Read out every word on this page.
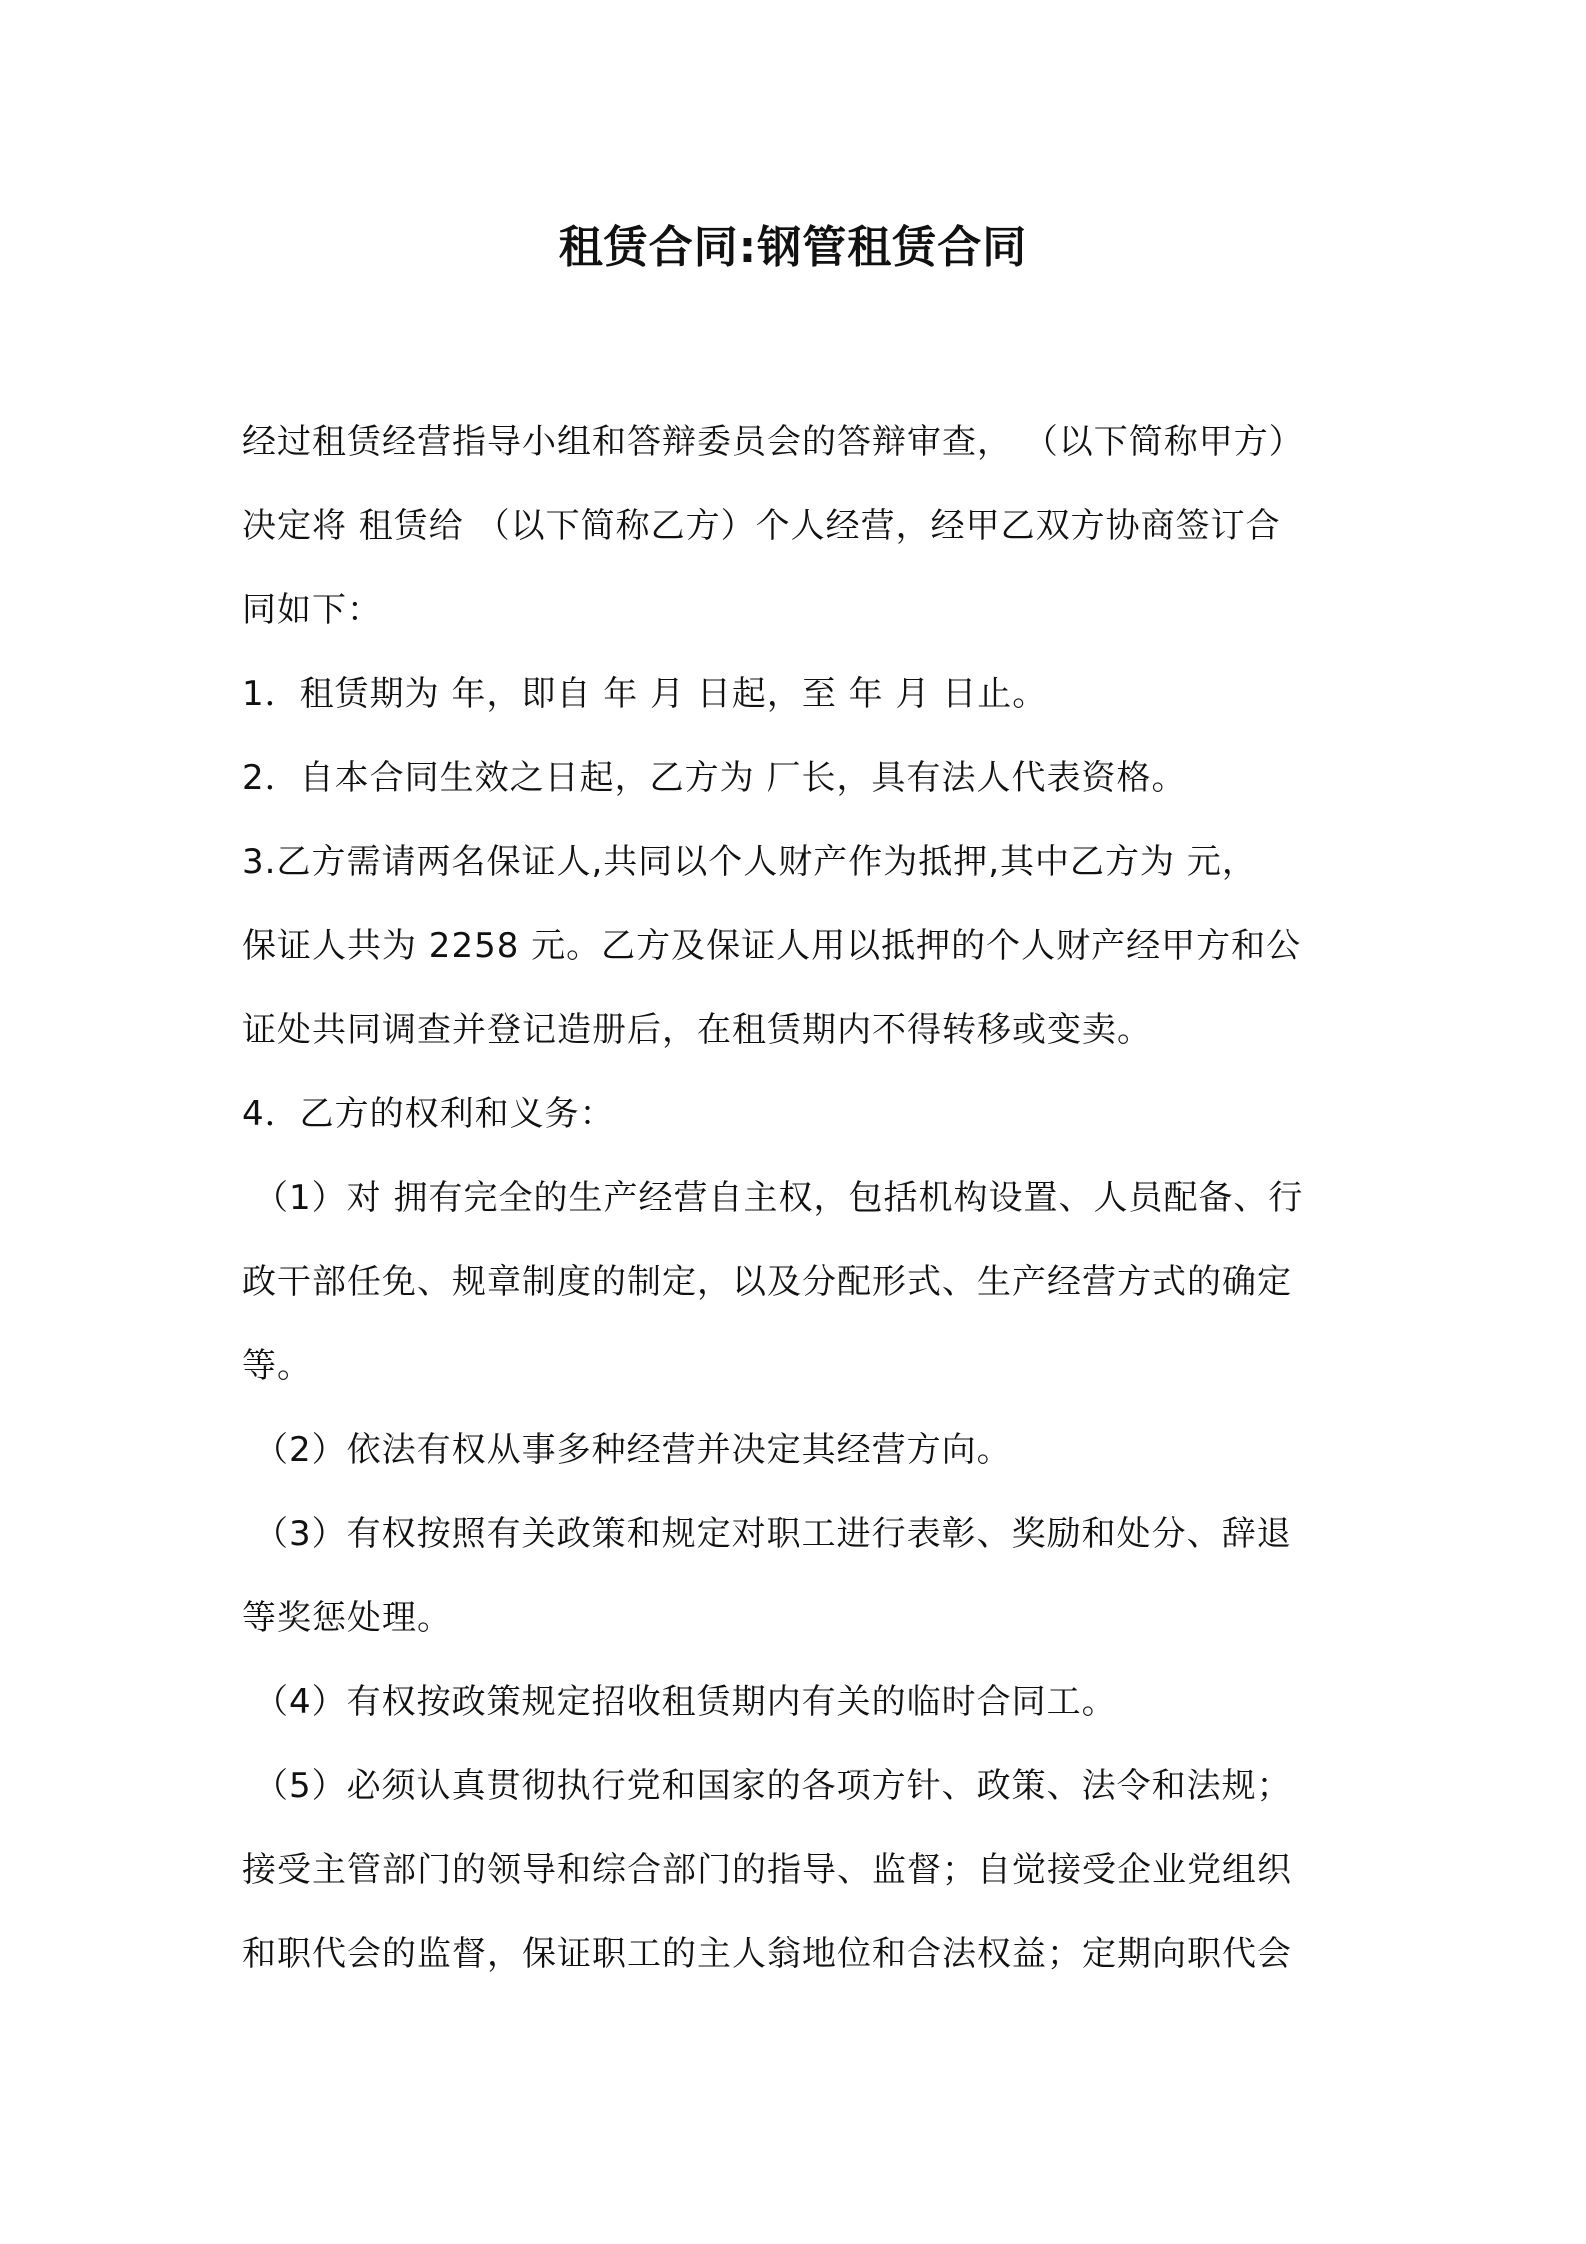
租赁合同:钢管租赁合同
经过租赁经营指导小组和答辩委员会的答辩审查， （以下简称甲方）
决定将 租赁给 （以下简称乙方）个人经营，经甲乙双方协商签订合
同如下：
1．租赁期为 年，即自 年 月 日起，至 年 月 日止。
2．自本合同生效之日起，乙方为 厂长，具有法人代表资格。
3.乙方需请两名保证人,共同以个人财产作为抵押,其中乙方为 元，
保证人共为 2258 元。乙方及保证人用以抵押的个人财产经甲方和公
证处共同调查并登记造册后，在租赁期内不得转移或变卖。
4．乙方的权利和义务：
（1）对 拥有完全的生产经营自主权，包括机构设置、人员配备、行
政干部任免、规章制度的制定，以及分配形式、生产经营方式的确定
等。
（2）依法有权从事多种经营并决定其经营方向。
（3）有权按照有关政策和规定对职工进行表彰、奖励和处分、辞退
等奖惩处理。
（4）有权按政策规定招收租赁期内有关的临时合同工。
（5）必须认真贯彻执行党和国家的各项方针、政策、法令和法规；
接受主管部门的领导和综合部门的指导、监督；自觉接受企业党组织
和职代会的监督，保证职工的主人翁地位和合法权益；定期向职代会
